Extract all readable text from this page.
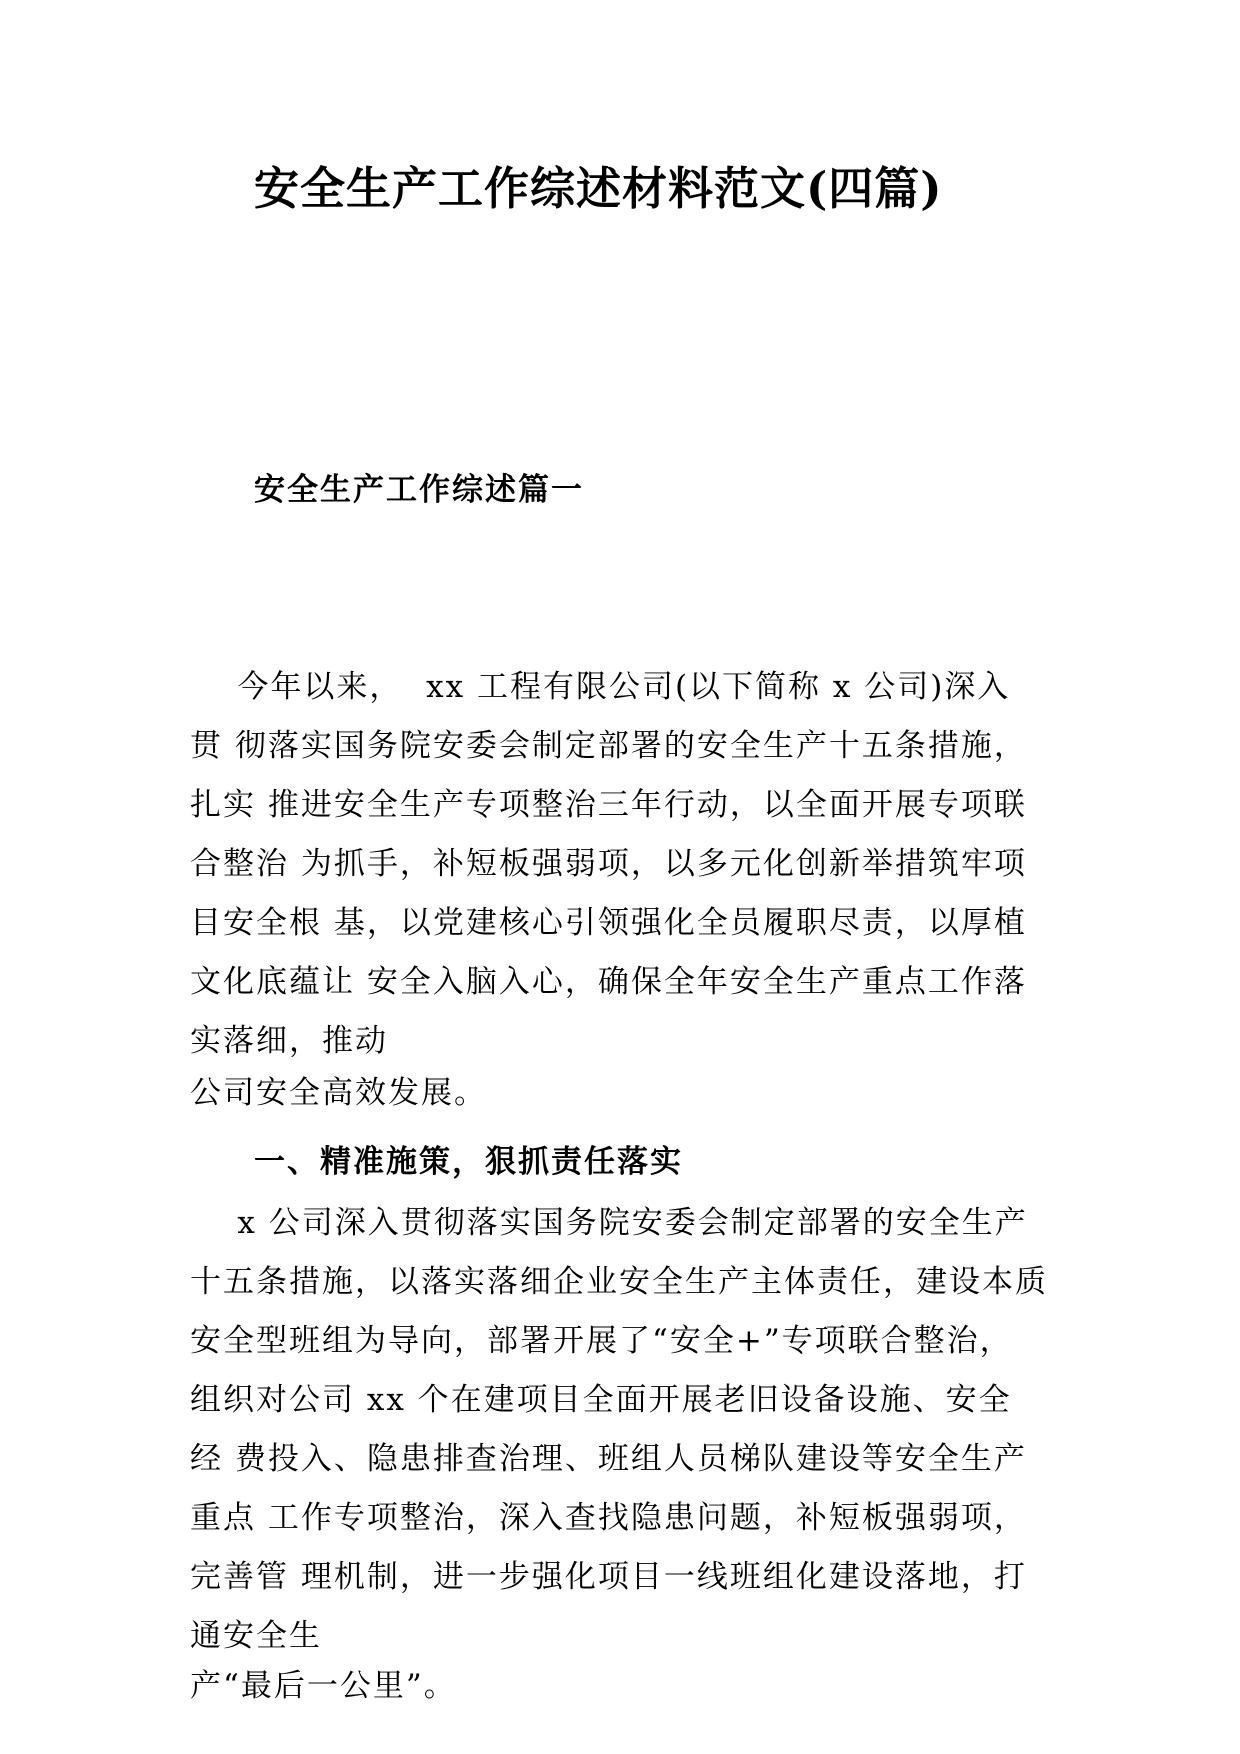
安全生产工作综述材料范文(四篇)
安全生产工作综述篇一

今年以来，  xx 工程有限公司(以下简称 x 公司)深入
贯 彻落实国务院安委会制定部署的安全生产十五条措施，
扎实 推进安全生产专项整治三年行动，以全面开展专项联
合整治 为抓手，补短板强弱项，以多元化创新举措筑牢项
目安全根 基，以党建核心引领强化全员履职尽责，以厚植
文化底蕴让 安全入脑入心，确保全年安全生产重点工作落
实落细，推动

公司安全高效发展。

一、精准施策，狠抓责任落实

x 公司深入贯彻落实国务院安委会制定部署的安全生产
十五条措施，以落实落细企业安全生产主体责任，建设本质
安全型班组为导向，部署开展了“安全+”专项联合整治，
组织对公司 xx 个在建项目全面开展老旧设备设施、安全
经 费投入、隐患排查治理、班组人员梯队建设等安全生产
重点 工作专项整治，深入查找隐患问题，补短板强弱项，
完善管 理机制，进一步强化项目一线班组化建设落地，打
通安全生

产“最后一公里”。
